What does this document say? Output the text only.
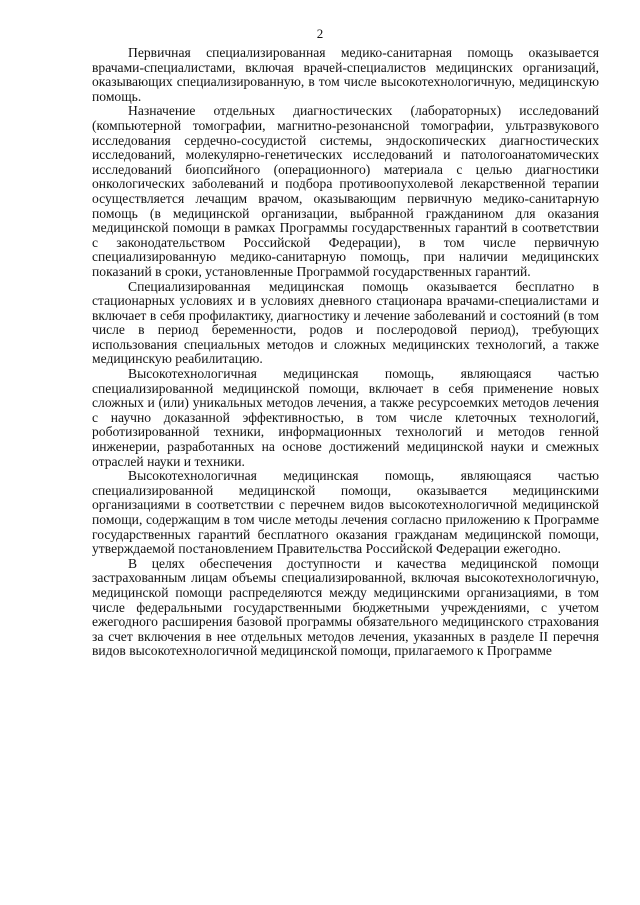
2

Первичная специализированная медико-санитарная помощь оказывается врачами-специалистами, включая врачей-специалистов медицинских организаций, оказывающих специализированную, в том числе высокотехнологичную, медицинскую помощь.

Назначение отдельных диагностических (лабораторных) исследований (компьютерной томографии, магнитно-резонансной томографии, ультразвукового исследования сердечно-сосудистой системы, эндоскопических диагностических исследований, молекулярно-генетических исследований и патологоанатомических исследований биопсийного (операционного) материала с целью диагностики онкологических заболеваний и подбора противоопухолевой лекарственной терапии осуществляется лечащим врачом, оказывающим первичную медико-санитарную помощь (в медицинской организации, выбранной гражданином для оказания медицинской помощи в рамках Программы государственных гарантий в соответствии с законодательством Российской Федерации), в том числе первичную специализированную медико-санитарную помощь, при наличии медицинских показаний в сроки, установленные Программой государственных гарантий.

Специализированная медицинская помощь оказывается бесплатно в стационарных условиях и в условиях дневного стационара врачами-специалистами и включает в себя профилактику, диагностику и лечение заболеваний и состояний (в том числе в период беременности, родов и послеродовой период), требующих использования специальных методов и сложных медицинских технологий, а также медицинскую реабилитацию.

Высокотехнологичная медицинская помощь, являющаяся частью специализированной медицинской помощи, включает в себя применение новых сложных и (или) уникальных методов лечения, а также ресурсоемких методов лечения с научно доказанной эффективностью, в том числе клеточных технологий, роботизированной техники, информационных технологий и методов генной инженерии, разработанных на основе достижений медицинской науки и смежных отраслей науки и техники.

Высокотехнологичная медицинская помощь, являющаяся частью специализированной медицинской помощи, оказывается медицинскими организациями в соответствии с перечнем видов высокотехнологичной медицинской помощи, содержащим в том числе методы лечения согласно приложению к Программе государственных гарантий бесплатного оказания гражданам медицинской помощи, утверждаемой постановлением Правительства Российской Федерации ежегодно.

В целях обеспечения доступности и качества медицинской помощи застрахованным лицам объемы специализированной, включая высокотехнологичную, медицинской помощи распределяются между медицинскими организациями, в том числе федеральными государственными бюджетными учреждениями, с учетом ежегодного расширения базовой программы обязательного медицинского страхования за счет включения в нее отдельных методов лечения, указанных в разделе II перечня видов высокотехнологичной медицинской помощи, прилагаемого к Программе
